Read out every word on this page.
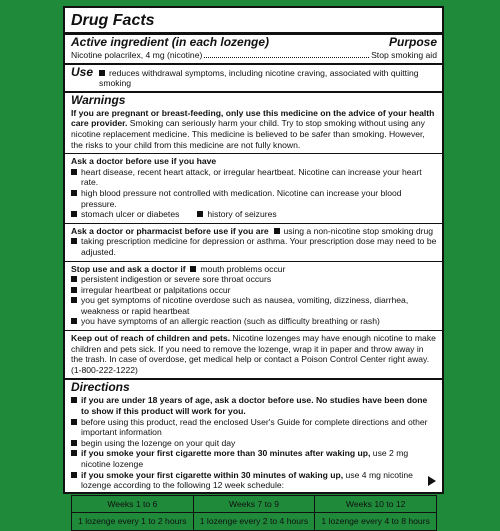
Drug Facts
Active ingredient (in each lozenge)	Purpose
Nicotine polacrilex, 4 mg (nicotine)	Stop smoking aid
Use	reduces withdrawal symptoms, including nicotine craving, associated with quitting smoking
Warnings
If you are pregnant or breast-feeding, only use this medicine on the advice of your health care provider. Smoking can seriously harm your child. Try to stop smoking without using any nicotine replacement medicine. This medicine is believed to be safer than smoking. However, the risks to your child from this medicine are not fully known.
Ask a doctor before use if you have
heart disease, recent heart attack, or irregular heartbeat. Nicotine can increase your heart rate.
high blood pressure not controlled with medication. Nicotine can increase your blood pressure.
stomach ulcer or diabetes	history of seizures
Ask a doctor or pharmacist before use if you are using a non-nicotine stop smoking drug
taking prescription medicine for depression or asthma. Your prescription dose may need to be adjusted.
Stop use and ask a doctor if mouth problems occur
persistent indigestion or severe sore throat occurs
irregular heartbeat or palpitations occur
you get symptoms of nicotine overdose such as nausea, vomiting, dizziness, diarrhea, weakness or rapid heartbeat
you have symptoms of an allergic reaction (such as difficulty breathing or rash)
Keep out of reach of children and pets. Nicotine lozenges may have enough nicotine to make children and pets sick. If you need to remove the lozenge, wrap it in paper and throw away in the trash. In case of overdose, get medical help or contact a Poison Control Center right away. (1-800-222-1222)
Directions
if you are under 18 years of age, ask a doctor before use. No studies have been done to show if this product will work for you.
before using this product, read the enclosed User's Guide for complete directions and other important information
begin using the lozenge on your quit day
if you smoke your first cigarette more than 30 minutes after waking up, use 2 mg nicotine lozenge
if you smoke your first cigarette within 30 minutes of waking up, use 4 mg nicotine lozenge according to the following 12 week schedule:
Weeks 1 to 6	Weeks 7 to 9	Weeks 10 to 12
1 lozenge every 1 to 2 hours	1 lozenge every 2 to 4 hours	1 lozenge every 4 to 8 hours
